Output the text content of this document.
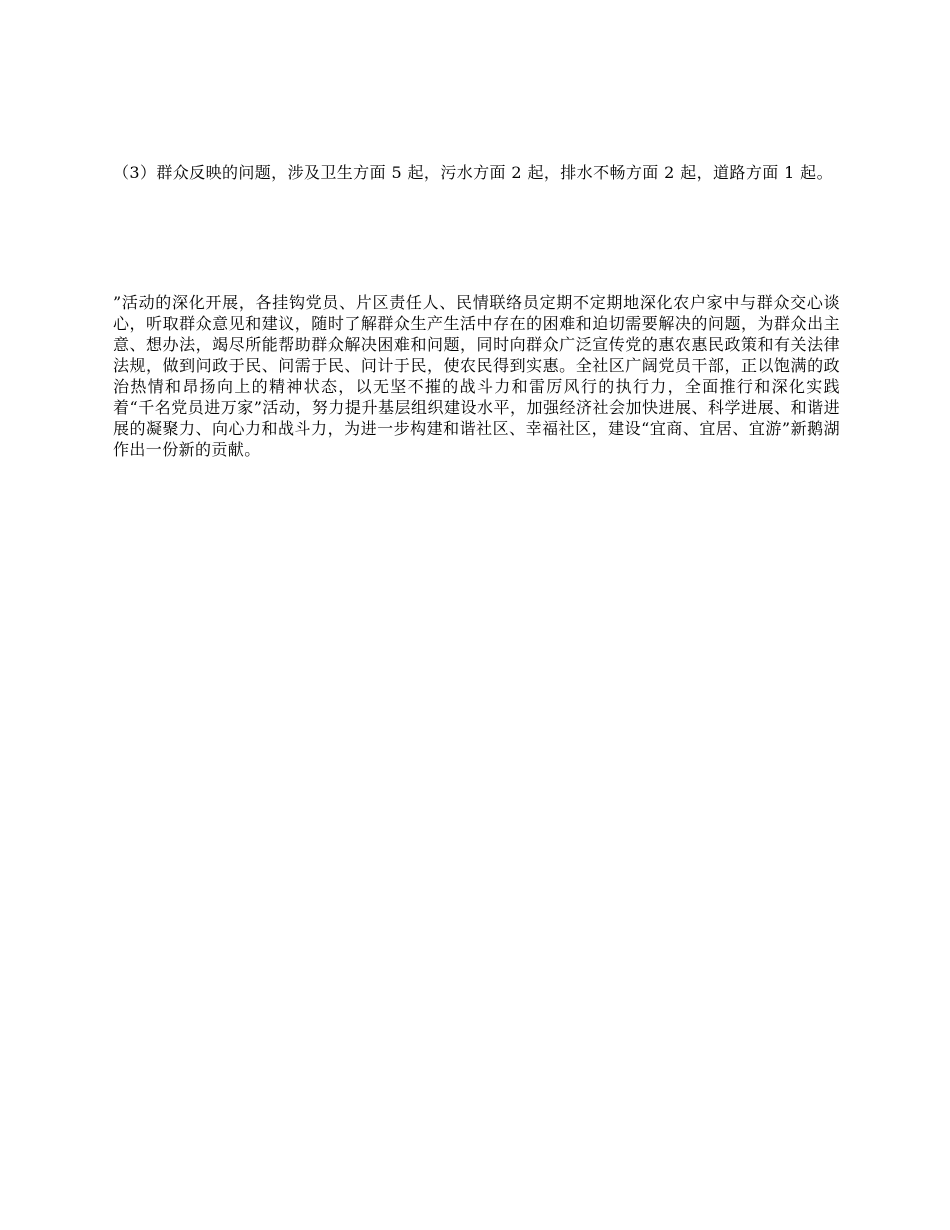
（3）群众反映的问题，涉及卫生方面 5 起，污水方面 2 起，排水不畅方面 2 起，道路方面 1 起。

”活动的深化开展，各挂钩党员、片区责任人、民情联络员定期不定期地深化农户家中与群众交心谈心，听取群众意见和建议，随时了解群众生产生活中存在的困难和迫切需要解决的问题，为群众出主意、想办法，竭尽所能帮助群众解决困难和问题，同时向群众广泛宣传党的惠农惠民政策和有关法律法规，做到问政于民、问需于民、问计于民，使农民得到实惠。全社区广阔党员干部，正以饱满的政治热情和昂扬向上的精神状态，以无坚不摧的战斗力和雷厉风行的执行力，全面推行和深化实践着“千名党员进万家”活动，努力提升基层组织建设水平，加强经济社会加快进展、科学进展、和谐进展的凝聚力、向心力和战斗力，为进一步构建和谐社区、幸福社区，建设“宜商、宜居、宜游”新鹅湖作出一份新的贡献。
